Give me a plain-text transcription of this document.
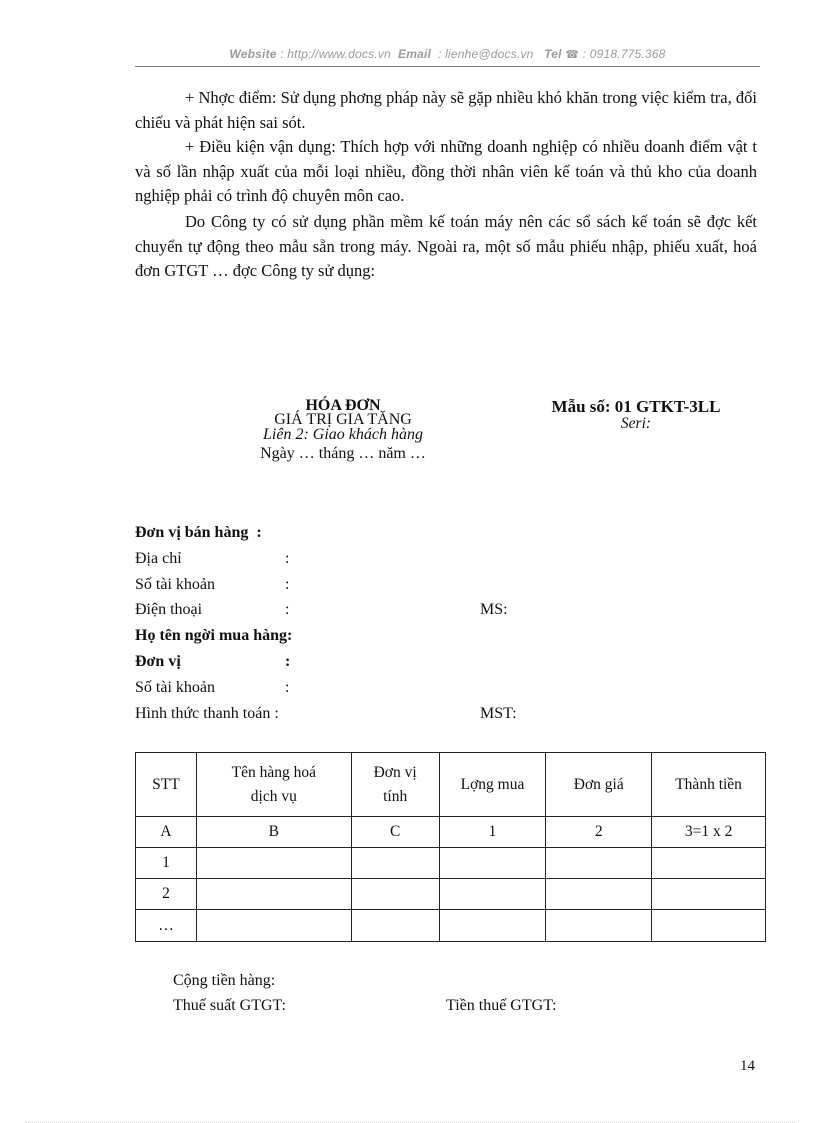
Website : http://www.docs.vn Email : lienhe@docs.vn Tel ☎ : 0918.775.368
+ Nhợc điểm: Sử dụng phơng pháp này sẽ gặp nhiều khó khăn trong việc kiểm tra, đối chiếu và phát hiện sai sót.
+ Điều kiện vận dụng: Thích hợp với những doanh nghiệp có nhiều doanh điểm vật t và số lần nhập xuất của mỗi loại nhiều, đồng thời nhân viên kế toán và thủ kho của doanh nghiệp phải có trình độ chuyên môn cao.
Do Công ty có sử dụng phần mềm kế toán máy nên các sổ sách kế toán sẽ đợc kết chuyển tự động theo mẫu sẵn trong máy. Ngoài ra, một số mẫu phiếu nhập, phiếu xuất, hoá đơn GTGT … đợc Công ty sử dụng:
HÓA ĐƠN
GIÁ TRỊ GIA TĂNG
Liên 2: Giao khách hàng
Ngày … tháng … năm …
Mẫu số: 01 GTKT-3LL
Seri:
Đơn vị bán hàng :
Địa chỉ	:
Số tài khoản	:
Điện thoại	:	MS:
Họ tên ngời mua hàng:
Đơn vị	:
Số tài khoản	:
Hình thức thanh toán :	MST:
STT	Tên hàng hoá dịch vụ	Đơn vị tính	Lợng mua	Đơn giá	Thành tiền
A	B	C	1	2	3=1 x 2
1					
2					
…					
Cộng tiền hàng:
Thuế suất GTGT:	Tiền thuế GTGT:
14
